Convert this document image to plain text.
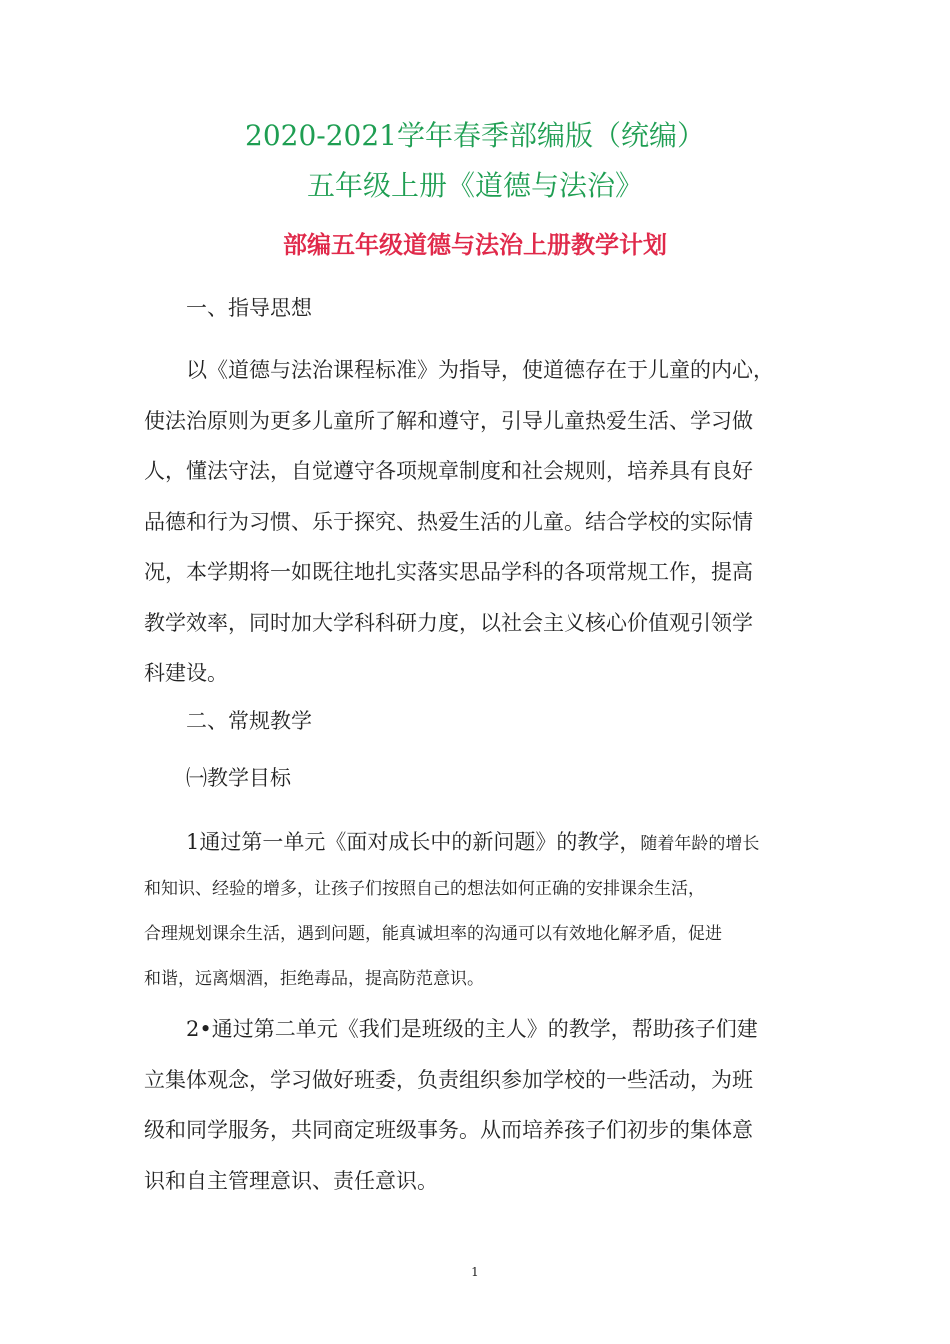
2020-2021学年春季部编版（统编）
五年级上册《道德与法治》
部编五年级道德与法治上册教学计划
一、指导思想
以《道德与法治课程标准》为指导，使道德存在于儿童的内心，
使法治原则为更多儿童所了解和遵守，引导儿童热爱生活、学习做
人，懂法守法，自觉遵守各项规章制度和社会规则，培养具有良好
品德和行为习惯、乐于探究、热爱生活的儿童。结合学校的实际情
况，本学期将一如既往地扎实落实思品学科的各项常规工作，提高
教学效率，同时加大学科科研力度，以社会主义核心价值观引领学
科建设。
二、常规教学
㈠教学目标
1通过第一单元《面对成长中的新问题》的教学，随着年龄的增长
和知识、经验的增多，让孩子们按照自己的想法如何正确的安排课余生活，
合理规划课余生活，遇到问题，能真诚坦率的沟通可以有效地化解矛盾，促进
和谐，远离烟酒，拒绝毒品，提高防范意识。
2•通过第二单元《我们是班级的主人》的教学，帮助孩子们建
立集体观念，学习做好班委，负责组织参加学校的一些活动，为班
级和同学服务，共同商定班级事务。从而培养孩子们初步的集体意
识和自主管理意识、责任意识。
1
